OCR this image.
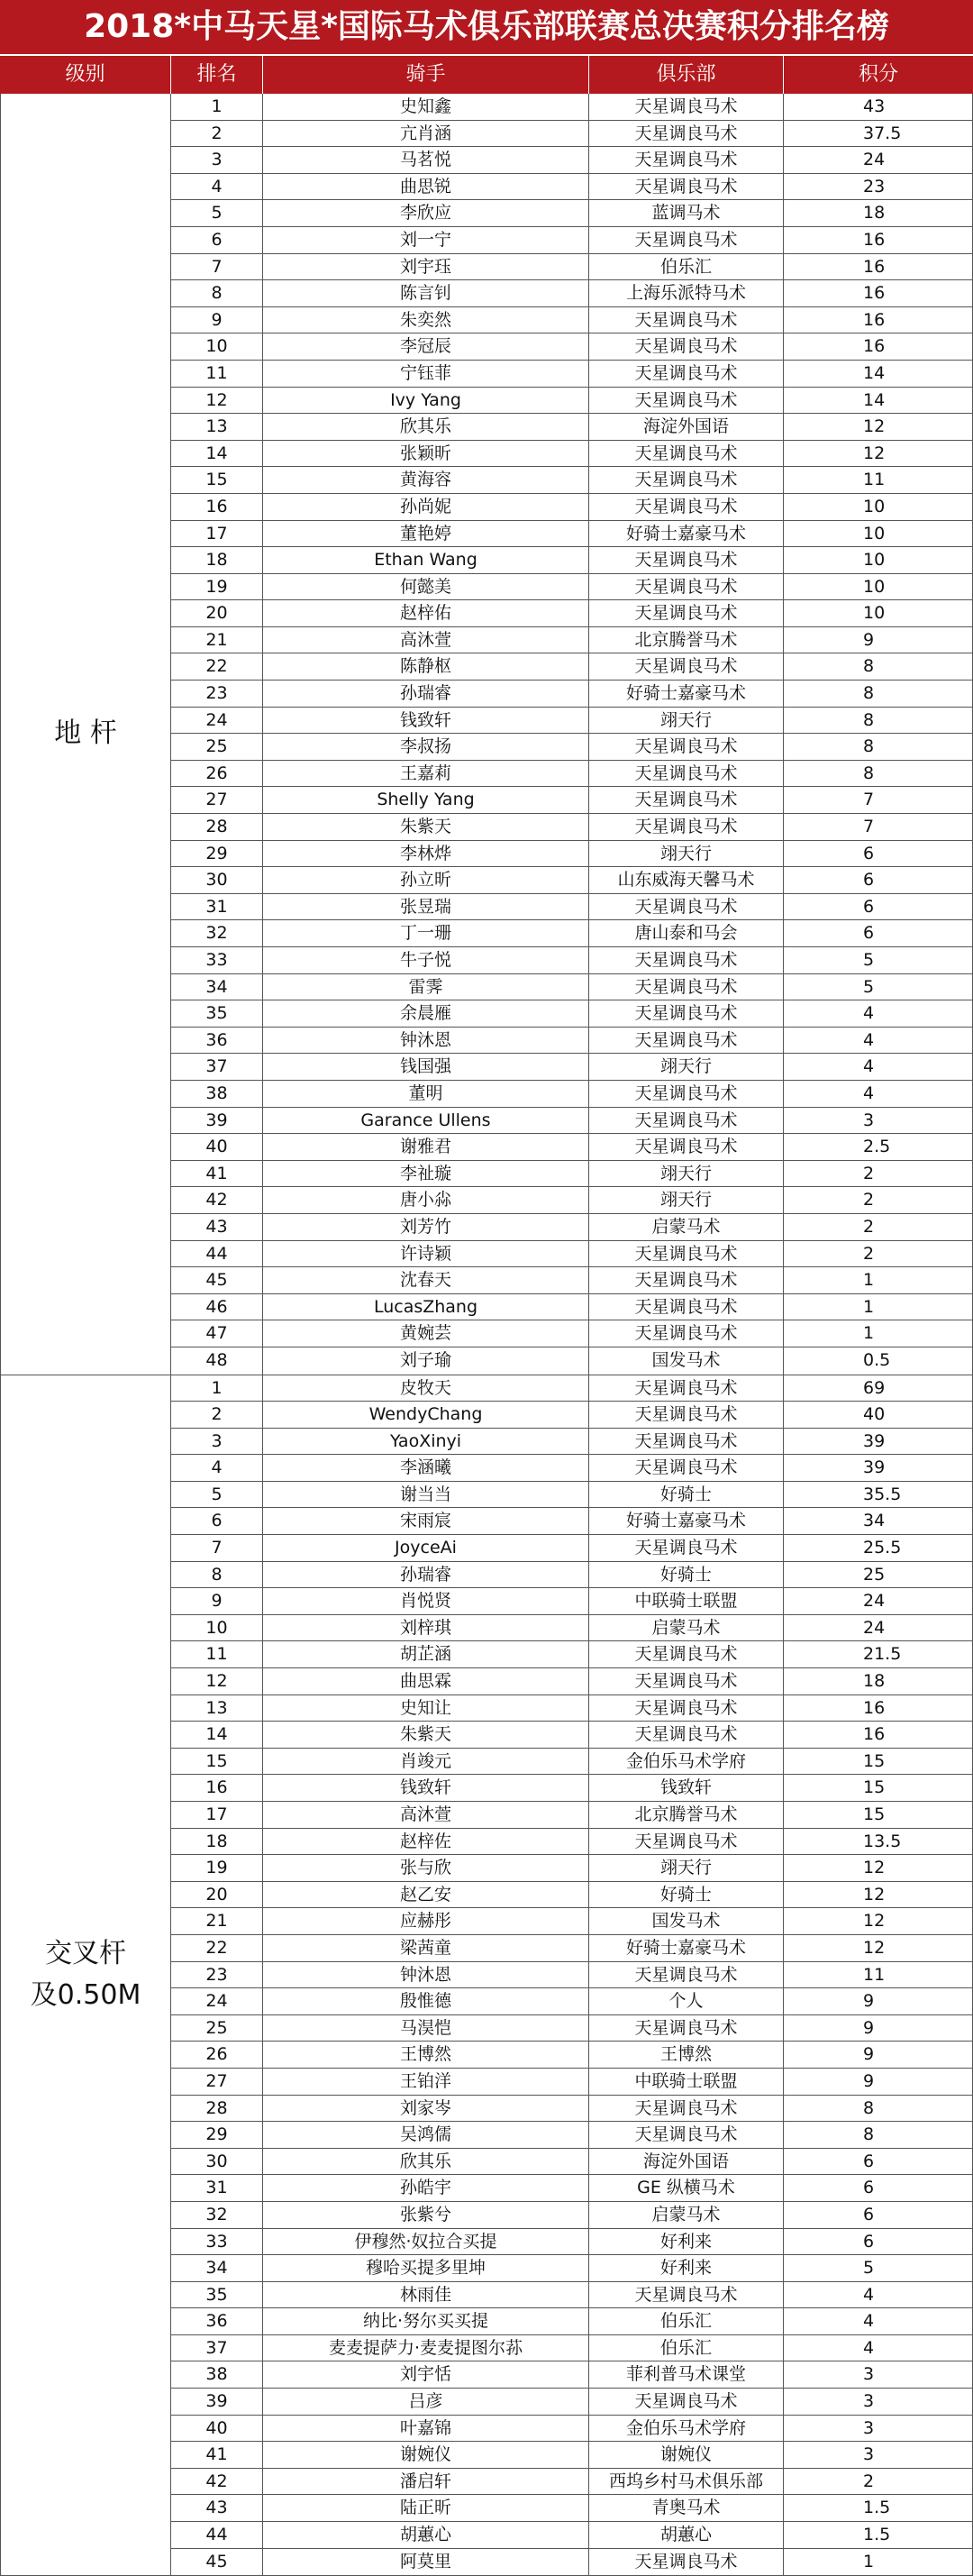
2018*中马天星*国际马术俱乐部联赛总决赛积分排名榜
级别	排名	骑手	俱乐部	积分
地 杆
1	史知鑫	天星调良马术	43
2	亢肖涵	天星调良马术	37.5
3	马茗悦	天星调良马术	24
4	曲思锐	天星调良马术	23
5	李欣应	蓝调马术	18
6	刘一宁	天星调良马术	16
7	刘宇珏	伯乐汇	16
8	陈言钊	上海乐派特马术	16
9	朱奕然	天星调良马术	16
10	李冠辰	天星调良马术	16
11	宁钰菲	天星调良马术	14
12	Ivy Yang	天星调良马术	14
13	欣其乐	海淀外国语	12
14	张颖昕	天星调良马术	12
15	黄海容	天星调良马术	11
16	孙尚妮	天星调良马术	10
17	董艳婷	好骑士嘉豪马术	10
18	Ethan Wang	天星调良马术	10
19	何懿美	天星调良马术	10
20	赵梓佑	天星调良马术	10
21	高沐萱	北京腾誉马术	9
22	陈静枢	天星调良马术	8
23	孙瑞睿	好骑士嘉豪马术	8
24	钱致轩	翊天行	8
25	李叔扬	天星调良马术	8
26	王嘉莉	天星调良马术	8
27	Shelly Yang	天星调良马术	7
28	朱紫天	天星调良马术	7
29	李林烨	翊天行	6
30	孙立昕	山东威海天馨马术	6
31	张昱瑞	天星调良马术	6
32	丁一珊	唐山泰和马会	6
33	牛子悦	天星调良马术	5
34	雷霁	天星调良马术	5
35	余晨雁	天星调良马术	4
36	钟沐恩	天星调良马术	4
37	钱国强	翊天行	4
38	董明	天星调良马术	4
39	Garance Ullens	天星调良马术	3
40	谢雅君	天星调良马术	2.5
41	李祉璇	翊天行	2
42	唐小尛	翊天行	2
43	刘芳竹	启蒙马术	2
44	许诗颖	天星调良马术	2
45	沈春天	天星调良马术	1
46	LucasZhang	天星调良马术	1
47	黄婉芸	天星调良马术	1
48	刘子瑜	国发马术	0.5
交叉杆
及0.50M
1	皮牧天	天星调良马术	69
2	WendyChang	天星调良马术	40
3	YaoXinyi	天星调良马术	39
4	李涵曦	天星调良马术	39
5	谢当当	好骑士	35.5
6	宋雨宸	好骑士嘉豪马术	34
7	JoyceAi	天星调良马术	25.5
8	孙瑞睿	好骑士	25
9	肖悦贤	中联骑士联盟	24
10	刘梓琪	启蒙马术	24
11	胡芷涵	天星调良马术	21.5
12	曲思霖	天星调良马术	18
13	史知让	天星调良马术	16
14	朱紫天	天星调良马术	16
15	肖竣元	金伯乐马术学府	15
16	钱致轩	钱致轩	15
17	高沐萱	北京腾誉马术	15
18	赵梓佐	天星调良马术	13.5
19	张与欣	翊天行	12
20	赵乙安	好骑士	12
21	应赫彤	国发马术	12
22	梁茜童	好骑士嘉豪马术	12
23	钟沐恩	天星调良马术	11
24	殷惟德	个人	9
25	马淏恺	天星调良马术	9
26	王博然	王博然	9
27	王铂洋	中联骑士联盟	9
28	刘家岑	天星调良马术	8
29	吴鸿儒	天星调良马术	8
30	欣其乐	海淀外国语	6
31	孙皓宇	GE 纵横马术	6
32	张紫兮	启蒙马术	6
33	伊穆然·奴拉合买提	好利来	6
34	穆哈买提多里坤	好利来	5
35	林雨佳	天星调良马术	4
36	纳比·努尔买买提	伯乐汇	4
37	麦麦提萨力·麦麦提图尔荪	伯乐汇	4
38	刘宇恬	菲利普马术课堂	3
39	吕彦	天星调良马术	3
40	叶嘉锦	金伯乐马术学府	3
41	谢婉仪	谢婉仪	3
42	潘启轩	西坞乡村马术俱乐部	2
43	陆正昕	青奥马术	1.5
44	胡蕙心	胡蕙心	1.5
45	阿莫里	天星调良马术	1
